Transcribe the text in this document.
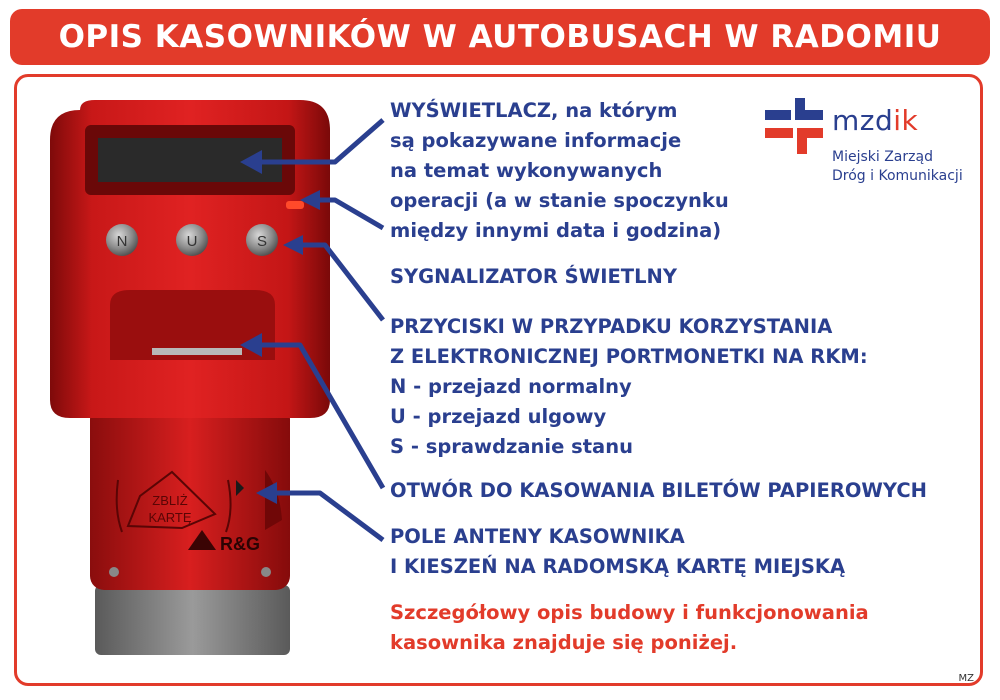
OPIS KASOWNIKÓW W AUTOBUSACH W RADOMIU
N	U	S
ZBLIŻ
KARTĘ
R&G

WYŚWIETLACZ, na którym

są pokazywane informacje

na temat wykonywanych

operacji (a w stanie spoczynku

między innymi data i godzina)

SYGNALIZATOR ŚWIETLNY

PRZYCISKI W PRZYPADKU KORZYSTANIA

Z ELEKTRONICZNEJ PORTMONETKI NA RKM:

N - przejazd normalny

U - przejazd ulgowy

S - sprawdzanie stanu

OTWÓR DO KASOWANIA BILETÓW PAPIEROWYCH

POLE ANTENY KASOWNIKA

I KIESZEŃ NA RADOMSKĄ KARTĘ MIEJSKĄ

Szczegółowy opis budowy i funkcjonowania

kasownika znajduje się poniżej.

mzdik
Miejski Zarząd
Dróg i Komunikacji
MZ
